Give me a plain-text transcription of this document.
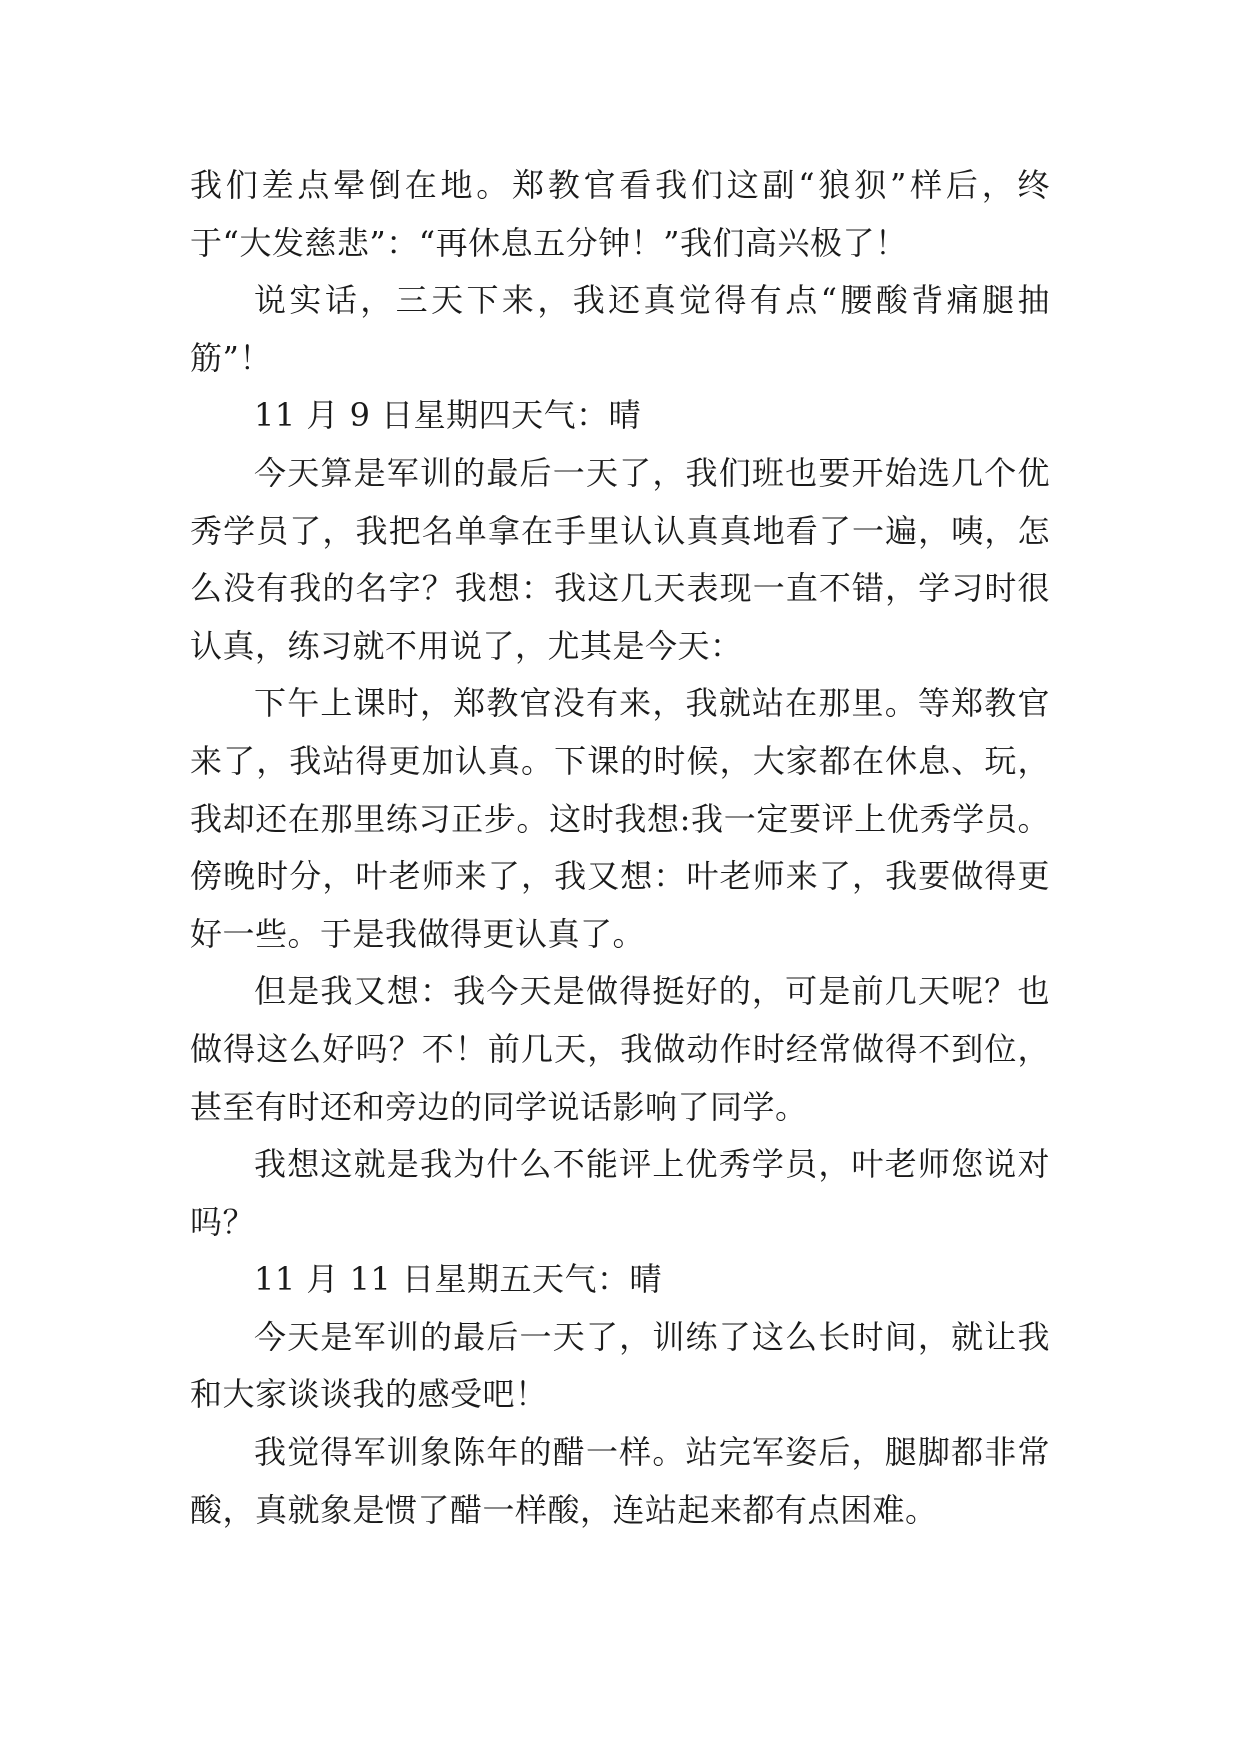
我们差点晕倒在地。郑教官看我们这副“狼狈”样后，终于“大发慈悲”：“再休息五分钟！”我们高兴极了！

说实话，三天下来，我还真觉得有点“腰酸背痛腿抽筋”！

11 月 9 日星期四天气：晴

今天算是军训的最后一天了，我们班也要开始选几个优秀学员了，我把名单拿在手里认认真真地看了一遍，咦，怎么没有我的名字？我想：我这几天表现一直不错，学习时很认真，练习就不用说了，尤其是今天：

下午上课时，郑教官没有来，我就站在那里。等郑教官来了，我站得更加认真。下课的时候，大家都在休息、玩，我却还在那里练习正步。这时我想:我一定要评上优秀学员。傍晚时分，叶老师来了，我又想：叶老师来了，我要做得更好一些。于是我做得更认真了。

但是我又想：我今天是做得挺好的，可是前几天呢？也做得这么好吗？不！前几天，我做动作时经常做得不到位，甚至有时还和旁边的同学说话影响了同学。

我想这就是我为什么不能评上优秀学员，叶老师您说对吗？

11 月 11 日星期五天气：晴

今天是军训的最后一天了，训练了这么长时间，就让我和大家谈谈我的感受吧！

我觉得军训象陈年的醋一样。站完军姿后，腿脚都非常酸，真就象是惯了醋一样酸，连站起来都有点困难。
